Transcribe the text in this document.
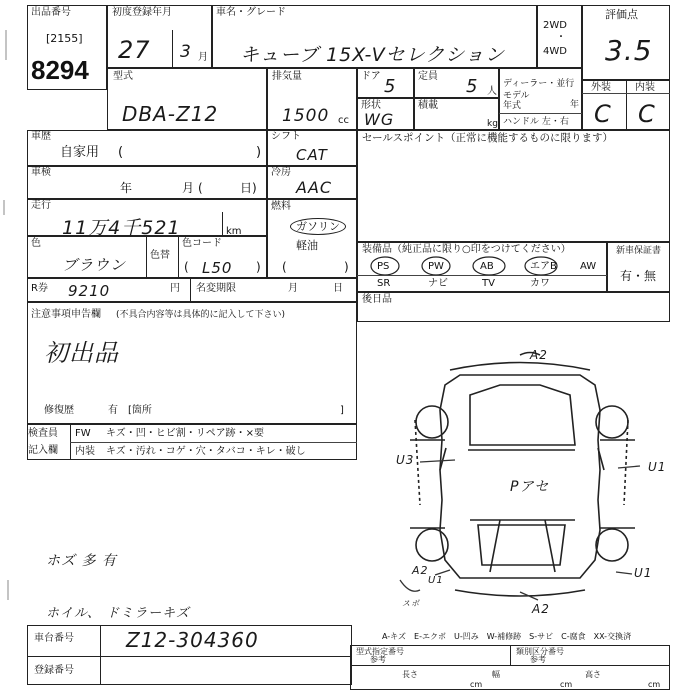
出品番号
[2155]
8294
初度登録年月
27 3 月
車名・グレード
キューブ 15X-Vセレクション
2WD
・
4WD
評価点
3.5
外装 内装
C C
型式
DBA-Z12
排気量
1500 cc
ドア 5 定員 5 人
ディーラー・並行
モデル年式	年
ハンドル 左・右
形状
WG
積載
kg
車歴
自家用 (	)
車検
年	月 (	日)
走行
11万4千521	km
色
ブラウン
色替
色コード
( L50 )
シフト
CAT
冷房
AAC
燃料
ガソリン
軽油
(	)
セールスポイント（正常に機能するものに限ります）
装備品（純正品に限り○印をつけてください）
PS	PW	AB	エアB AW
SR	ナビ	TV	カワ
新車保証書
有・無
後日品
R券 9210	円 名変期限	月	日
注意事項申告欄 (不具合内容等は具体的に記入して下さい)
初出品
修復歴	有 [箇所	]
検査員
記入欄
FW キズ・凹・ヒビ割・リペア跡・×要
内装 キズ・汚れ・コゲ・穴・タバコ・キレ・破し
A2
U3	U1
Pアセ
A2
U1
U1
A2
スポ
ホズ 多 有
ホイル、 ドミラーキズ
車台番号	Z12-304360
登録番号
A-キズ　E-エクボ　U-凹み　W-補修跡　S-サビ　C-腐食　XX-交換済
型式指定番号
参考
類別区分番号
参考
長さ
cm
幅
cm
高さ
cm
